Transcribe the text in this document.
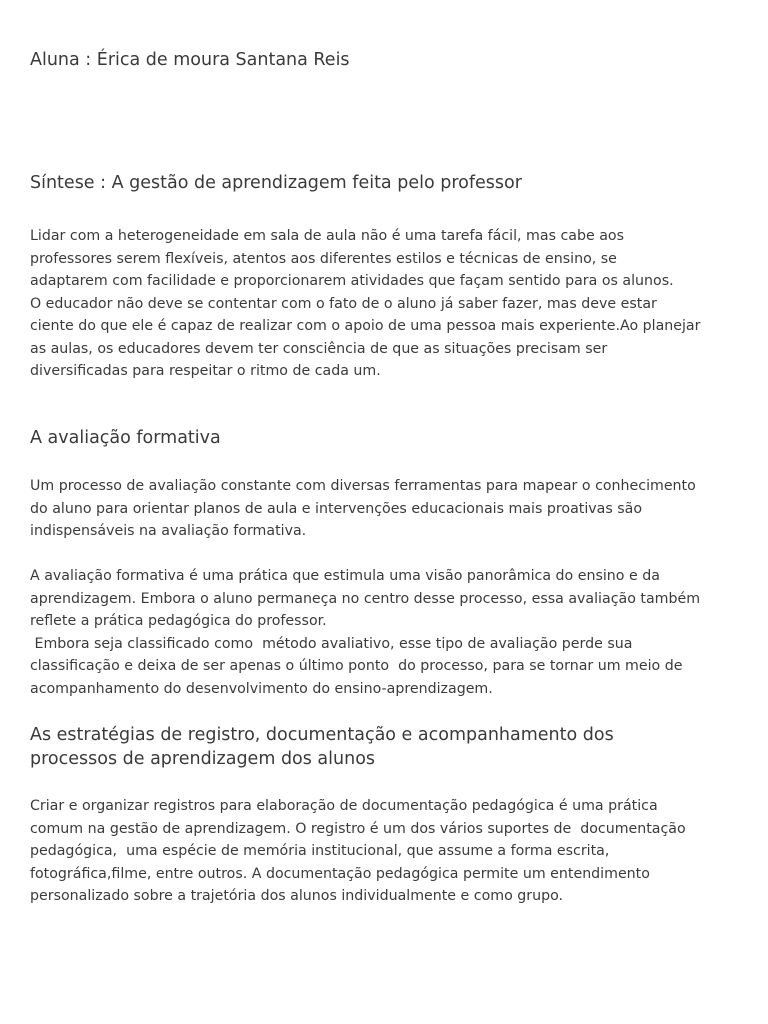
Aluna : Érica de moura Santana Reis
Síntese : A gestão de aprendizagem feita pelo professor

Lidar com a heterogeneidade em sala de aula não é uma tarefa fácil, mas cabe aos
professores serem flexíveis, atentos aos diferentes estilos e técnicas de ensino, se
adaptarem com facilidade e proporcionarem atividades que façam sentido para os alunos.
O educador não deve se contentar com o fato de o aluno já saber fazer, mas deve estar
ciente do que ele é capaz de realizar com o apoio de uma pessoa mais experiente.Ao planejar
as aulas, os educadores devem ter consciência de que as situações precisam ser
diversificadas para respeitar o ritmo de cada um.

A avaliação formativa

Um processo de avaliação constante com diversas ferramentas para mapear o conhecimento
do aluno para orientar planos de aula e intervenções educacionais mais proativas são
indispensáveis na avaliação formativa.

A avaliação formativa é uma prática que estimula uma visão panorâmica do ensino e da
aprendizagem. Embora o aluno permaneça no centro desse processo, essa avaliação também
reflete a prática pedagógica do professor.
Embora seja classificado como  método avaliativo, esse tipo de avaliação perde sua
classificação e deixa de ser apenas o último ponto  do processo, para se tornar um meio de
acompanhamento do desenvolvimento do ensino-aprendizagem.

As estratégias de registro, documentação e acompanhamento dos
processos de aprendizagem dos alunos

Criar e organizar registros para elaboração de documentação pedagógica é uma prática
comum na gestão de aprendizagem. O registro é um dos vários suportes de  documentação
pedagógica,  uma espécie de memória institucional, que assume a forma escrita,
fotográfica,filme, entre outros. A documentação pedagógica permite um entendimento
personalizado sobre a trajetória dos alunos individualmente e como grupo.
